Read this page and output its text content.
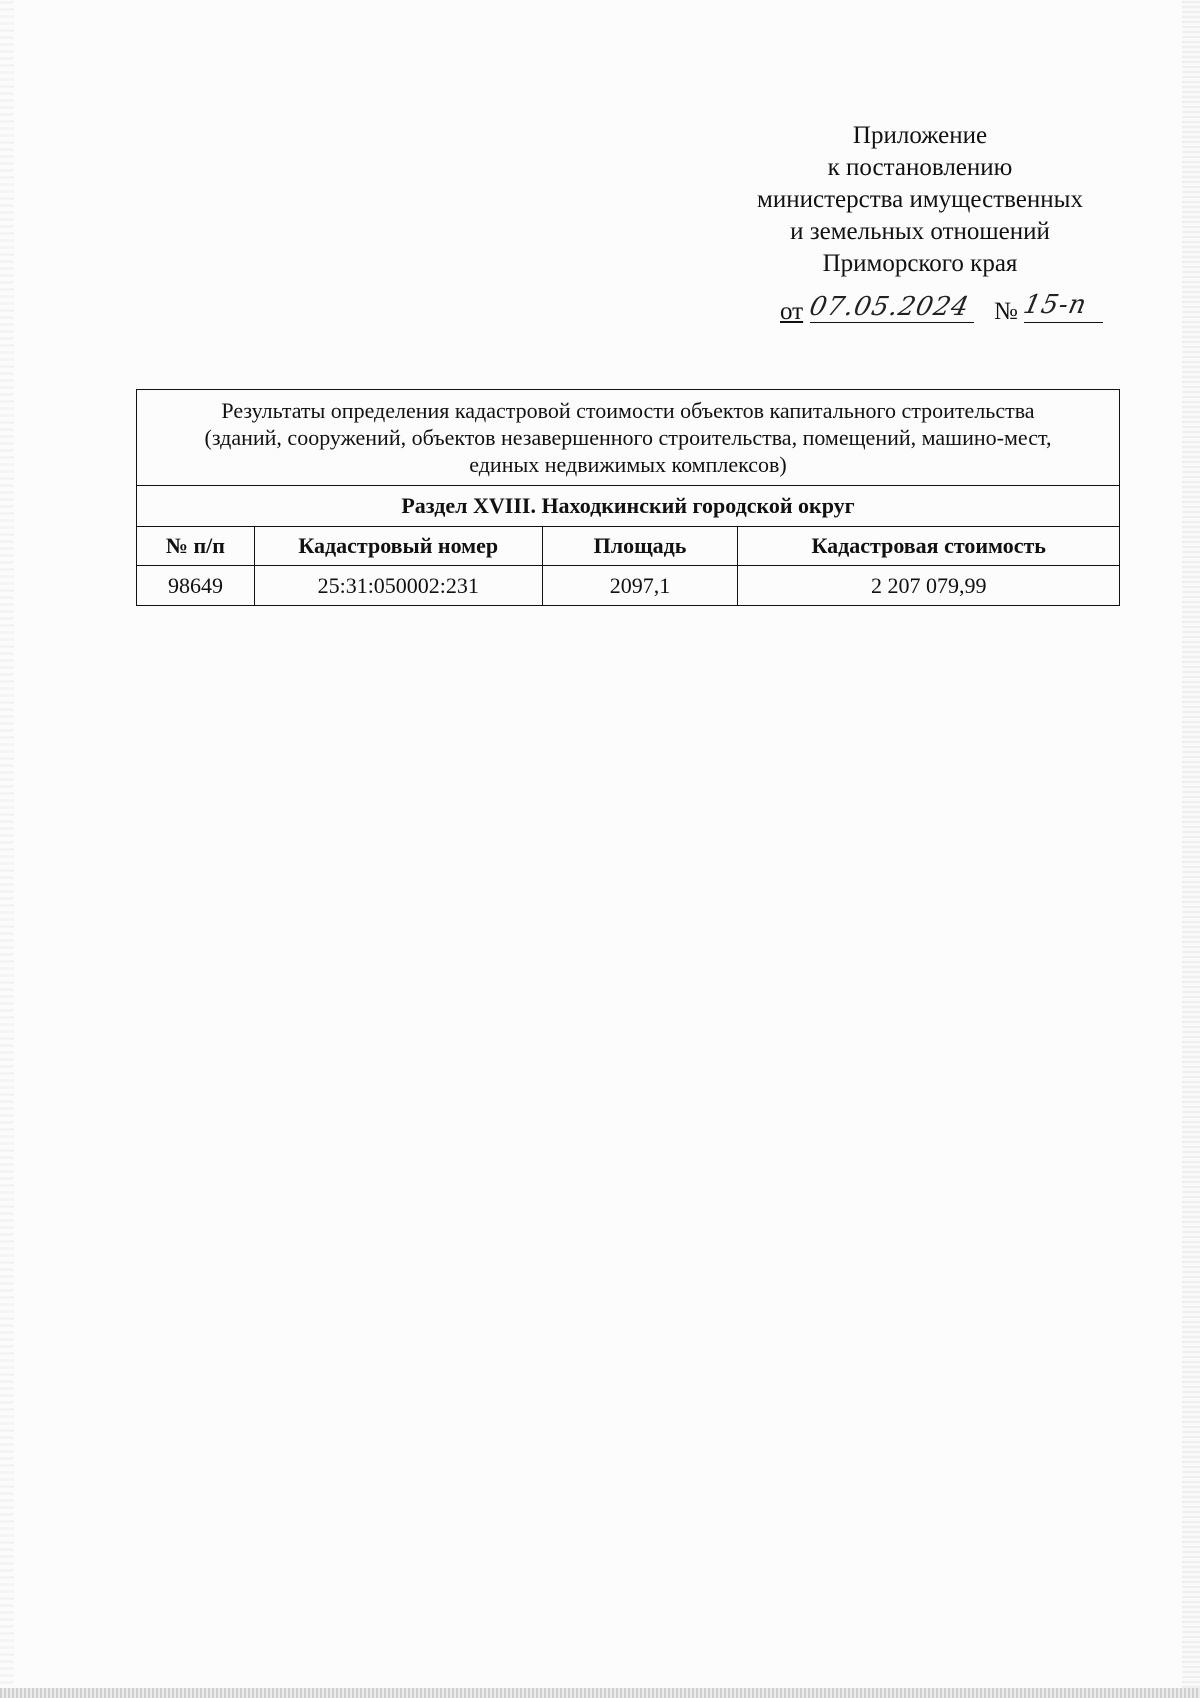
Приложение
к постановлению
министерства имущественных
и земельных отношений
Приморского края
от 07.05.2024 № 15-п
Результаты определения кадастровой стоимости объектов капитального строительства
(зданий, сооружений, объектов незавершенного строительства, помещений, машино-мест,
единых недвижимых комплексов)			

Раздел XVIII. Находкинский городской округ			
№ п/п	Кадастровый номер	Площадь	Кадастровая стоимость
98649	25:31:050002:231	2097,1	2 207 079,99
